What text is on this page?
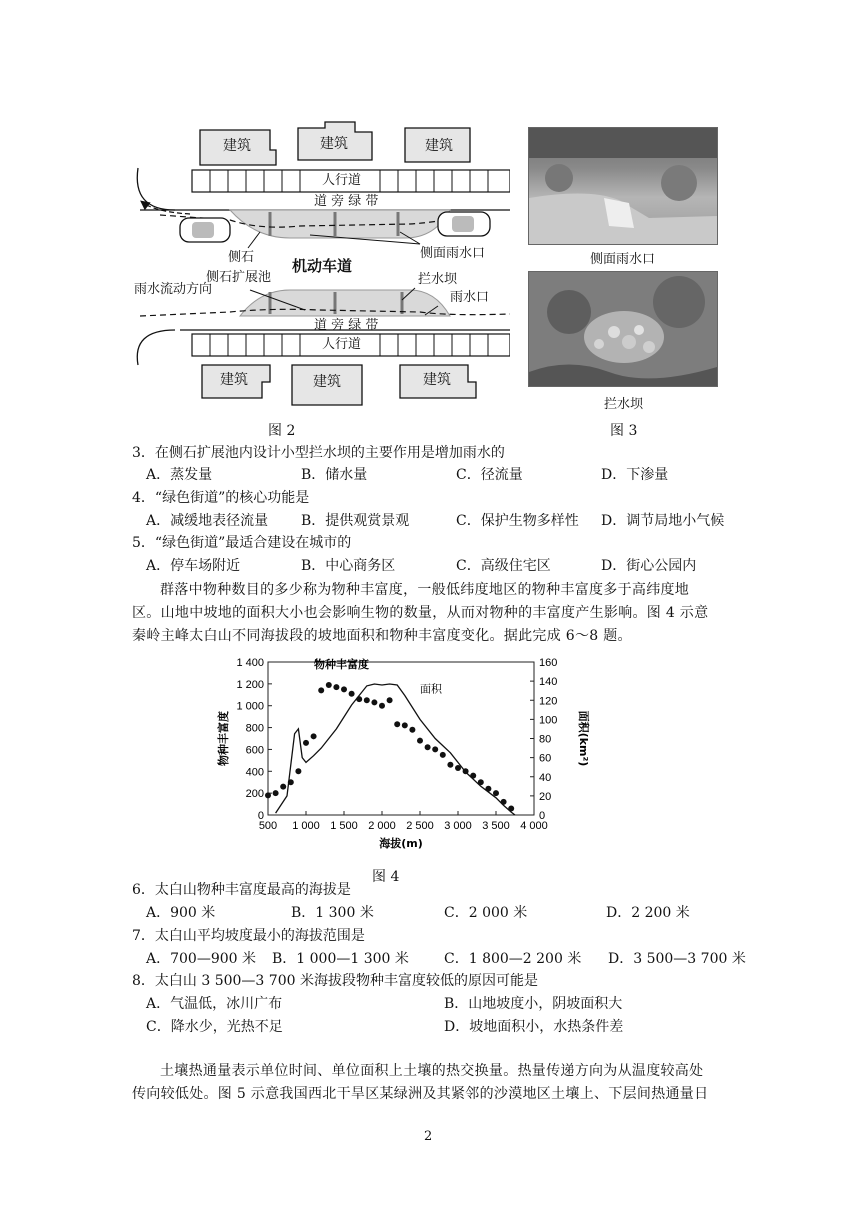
建筑	建筑	建筑
人行道
道 旁 绿 带
侧石	侧面雨水口
机动车道
侧石扩展池	拦水坝
雨水流动方向
雨水口
道 旁 绿 带
人行道
建筑	建筑	建筑
图 2
侧面雨水口
拦水坝
图 3
3．在侧石扩展池内设计小型拦水坝的主要作用是增加雨水的
A．蒸发量	B．储水量	C．径流量	D．下渗量
4．“绿色街道”的核心功能是
A．减缓地表径流量 B．提供观赏景观	C．保护生物多样性 D．调节局地小气候
5．“绿色街道”最适合建设在城市的
A．停车场附近	B．中心商务区	C．高级住宅区	D．街心公园内
群落中物种数目的多少称为物种丰富度，一般低纬度地区的物种丰富度多于高纬度地
区。山地中坡地的面积大小也会影响生物的数量，从而对物种的丰富度产生影响。图 4 示意
秦岭主峰太白山不同海拔段的坡地面积和物种丰富度变化。据此完成 6～8 题。
500 1 000 1 500 2 000 2 500 3 000 3 500 4 000
0
200
400
600
800
1 000
1 200
1 400
0
20
40
60
80
100
120
140
160
海拔(m)
物种丰富度	面积(km²)
物种丰富度
面积
图 4
6．太白山物种丰富度最高的海拔是
A．900 米	B．1 300 米	C．2 000 米	D．2 200 米
7．太白山平均坡度最小的海拔范围是
A．700—900 米 B．1 000—1 300 米	C．1 800—2 200 米 D．3 500—3 700 米
8．太白山 3 500—3 700 米海拔段物种丰富度较低的原因可能是
A．气温低，冰川广布	B．山地坡度小，阴坡面积大
C．降水少，光热不足	D．坡地面积小，水热条件差
土壤热通量表示单位时间、单位面积上土壤的热交换量。热量传递方向为从温度较高处
传向较低处。图 5 示意我国西北干旱区某绿洲及其紧邻的沙漠地区土壤上、下层间热通量日
2
